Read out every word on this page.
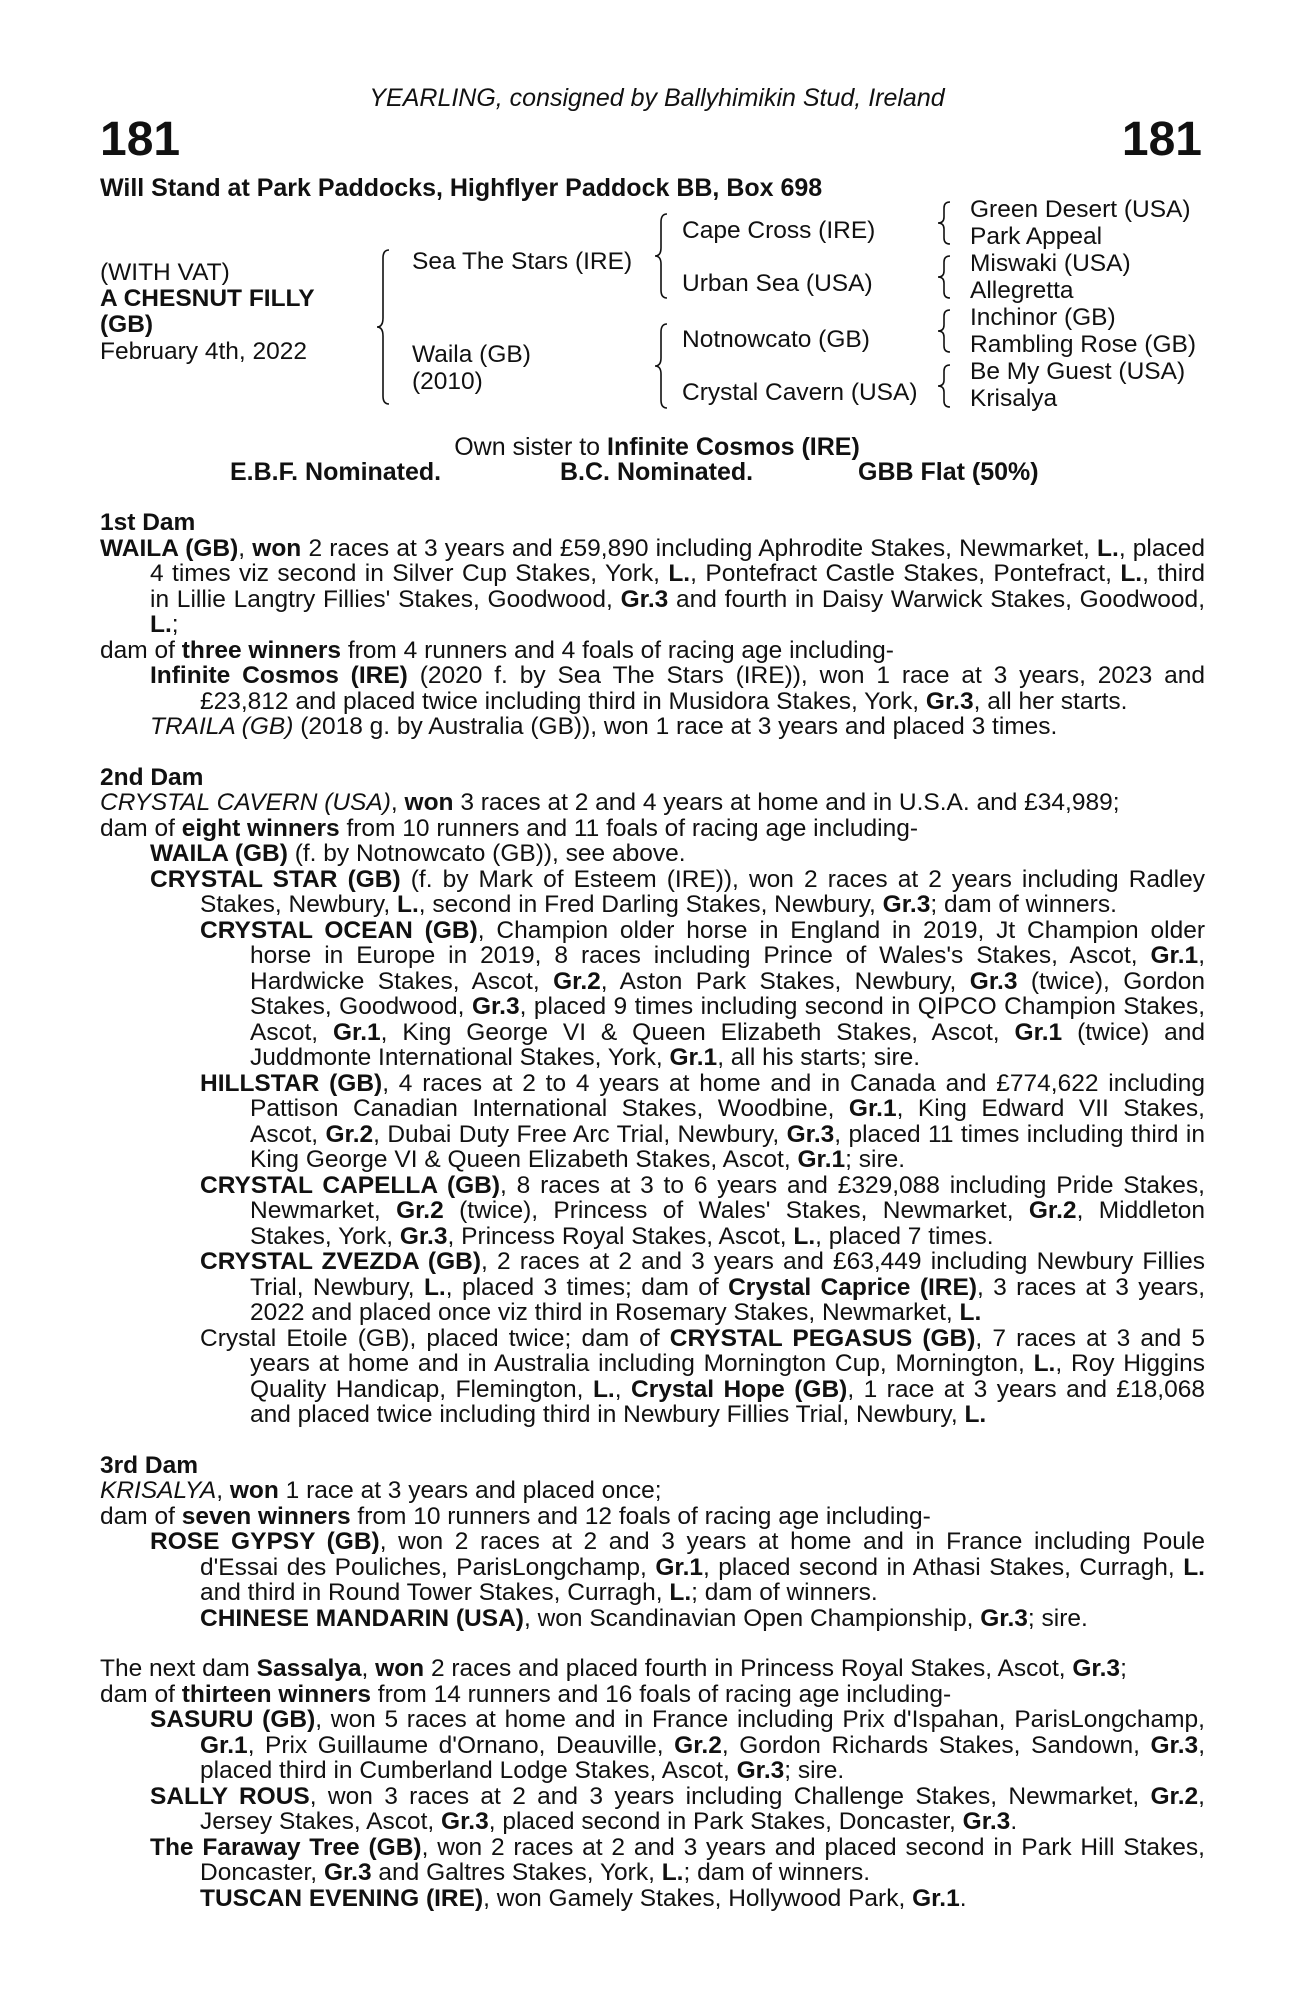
YEARLING, consigned by Ballyhimikin Stud, Ireland
181	181
Will Stand at Park Paddocks, Highflyer Paddock BB, Box 698
(WITH VAT)
A CHESNUT FILLY
(GB)
February 4th, 2022
Sea The Stars (IRE)
Waila (GB)
(2010)
Cape Cross (IRE)
Urban Sea (USA)
Notnowcato (GB)
Crystal Cavern (USA)
Green Desert (USA)
Park Appeal
Miswaki (USA)
Allegretta
Inchinor (GB)
Rambling Rose (GB)
Be My Guest (USA)
Krisalya
Own sister to Infinite Cosmos (IRE)
E.B.F. Nominated.	B.C. Nominated.	GBB Flat (50%)

1st Dam

WAILA (GB), won 2 races at 3 years and £59,890 including Aphrodite Stakes, Newmarket, L., placed 4 times viz second in Silver Cup Stakes, York, L., Pontefract Castle Stakes, Pontefract, L., third in Lillie Langtry Fillies' Stakes, Goodwood, Gr.3 and fourth in Daisy Warwick Stakes, Goodwood, L.;

dam of three winners from 4 runners and 4 foals of racing age including-

Infinite Cosmos (IRE) (2020 f. by Sea The Stars (IRE)), won 1 race at 3 years, 2023 and £23,812 and placed twice including third in Musidora Stakes, York, Gr.3, all her starts.

TRAILA (GB) (2018 g. by Australia (GB)), won 1 race at 3 years and placed 3 times.

2nd Dam

CRYSTAL CAVERN (USA), won 3 races at 2 and 4 years at home and in U.S.A. and £34,989;

dam of eight winners from 10 runners and 11 foals of racing age including-

WAILA (GB) (f. by Notnowcato (GB)), see above.

CRYSTAL STAR (GB) (f. by Mark of Esteem (IRE)), won 2 races at 2 years including Radley Stakes, Newbury, L., second in Fred Darling Stakes, Newbury, Gr.3; dam of winners.

CRYSTAL OCEAN (GB), Champion older horse in England in 2019, Jt Champion older horse in Europe in 2019, 8 races including Prince of Wales's Stakes, Ascot, Gr.1, Hardwicke Stakes, Ascot, Gr.2, Aston Park Stakes, Newbury, Gr.3 (twice), Gordon Stakes, Goodwood, Gr.3, placed 9 times including second in QIPCO Champion Stakes, Ascot, Gr.1, King George VI & Queen Elizabeth Stakes, Ascot, Gr.1 (twice) and Juddmonte International Stakes, York, Gr.1, all his starts; sire.

HILLSTAR (GB), 4 races at 2 to 4 years at home and in Canada and £774,622 including Pattison Canadian International Stakes, Woodbine, Gr.1, King Edward VII Stakes, Ascot, Gr.2, Dubai Duty Free Arc Trial, Newbury, Gr.3, placed 11 times including third in King George VI & Queen Elizabeth Stakes, Ascot, Gr.1; sire.

CRYSTAL CAPELLA (GB), 8 races at 3 to 6 years and £329,088 including Pride Stakes, Newmarket, Gr.2 (twice), Princess of Wales' Stakes, Newmarket, Gr.2, Middleton Stakes, York, Gr.3, Princess Royal Stakes, Ascot, L., placed 7 times.

CRYSTAL ZVEZDA (GB), 2 races at 2 and 3 years and £63,449 including Newbury Fillies Trial, Newbury, L., placed 3 times; dam of Crystal Caprice (IRE), 3 races at 3 years, 2022 and placed once viz third in Rosemary Stakes, Newmarket, L.

Crystal Etoile (GB), placed twice; dam of CRYSTAL PEGASUS (GB), 7 races at 3 and 5 years at home and in Australia including Mornington Cup, Mornington, L., Roy Higgins Quality Handicap, Flemington, L., Crystal Hope (GB), 1 race at 3 years and £18,068 and placed twice including third in Newbury Fillies Trial, Newbury, L.

3rd Dam

KRISALYA, won 1 race at 3 years and placed once;

dam of seven winners from 10 runners and 12 foals of racing age including-

ROSE GYPSY (GB), won 2 races at 2 and 3 years at home and in France including Poule d'Essai des Pouliches, ParisLongchamp, Gr.1, placed second in Athasi Stakes, Curragh, L. and third in Round Tower Stakes, Curragh, L.; dam of winners.

CHINESE MANDARIN (USA), won Scandinavian Open Championship, Gr.3; sire.

The next dam Sassalya, won 2 races and placed fourth in Princess Royal Stakes, Ascot, Gr.3;

dam of thirteen winners from 14 runners and 16 foals of racing age including-

SASURU (GB), won 5 races at home and in France including Prix d'Ispahan, ParisLongchamp, Gr.1, Prix Guillaume d'Ornano, Deauville, Gr.2, Gordon Richards Stakes, Sandown, Gr.3, placed third in Cumberland Lodge Stakes, Ascot, Gr.3; sire.

SALLY ROUS, won 3 races at 2 and 3 years including Challenge Stakes, Newmarket, Gr.2, Jersey Stakes, Ascot, Gr.3, placed second in Park Stakes, Doncaster, Gr.3.

The Faraway Tree (GB), won 2 races at 2 and 3 years and placed second in Park Hill Stakes, Doncaster, Gr.3 and Galtres Stakes, York, L.; dam of winners.

TUSCAN EVENING (IRE), won Gamely Stakes, Hollywood Park, Gr.1.
